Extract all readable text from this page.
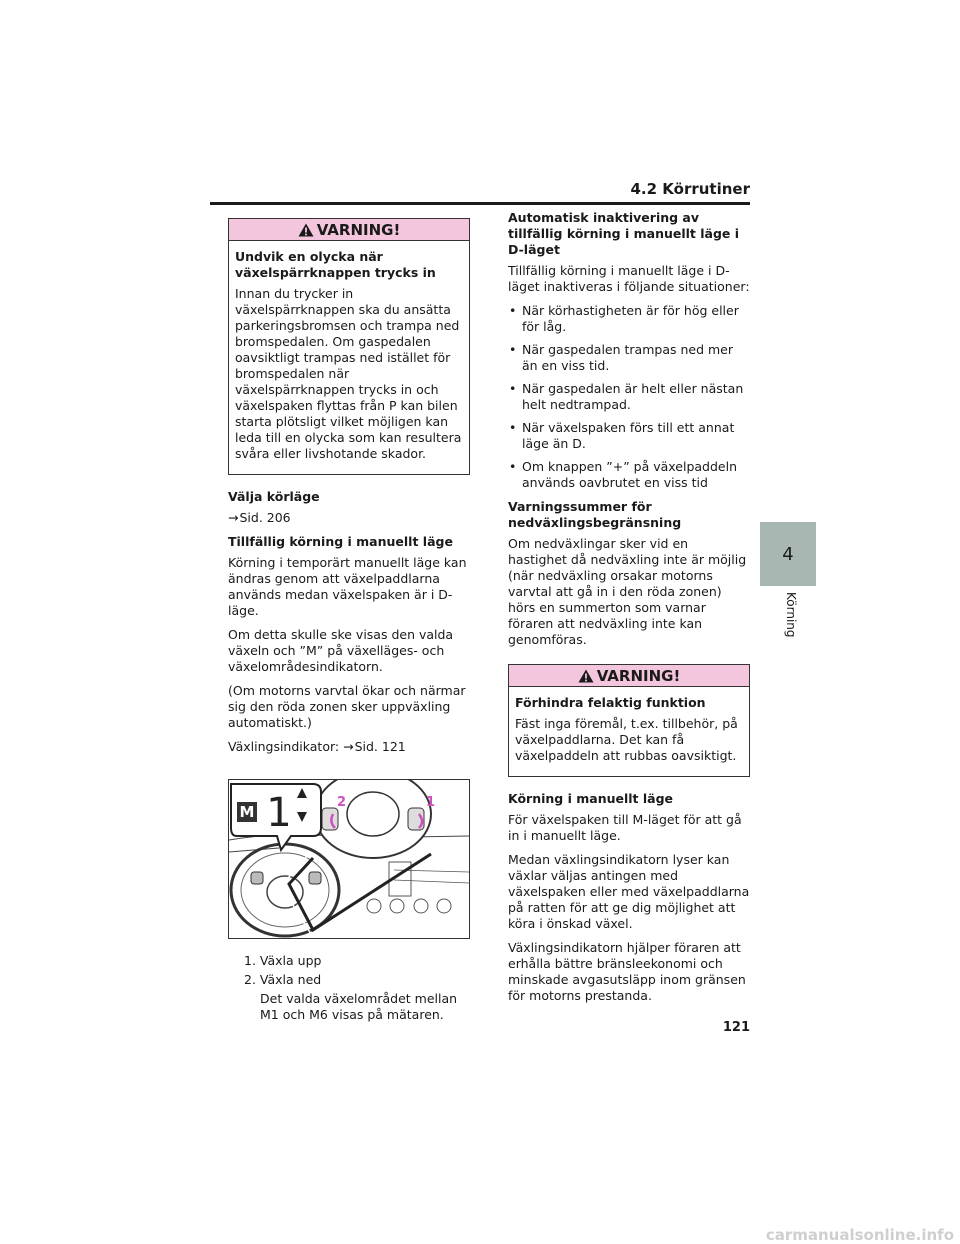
4.2 Körrutiner
4
Körning
VARNING!

Undvik en olycka när växelspärrknappen trycks in

Innan du trycker in växelspärrknappen ska du ansätta parkeringsbromsen och trampa ned bromspedalen. Om gaspedalen oavsiktligt trampas ned istället för bromspedalen när växelspärrknappen trycks in och växelspaken flyttas från P kan bilen starta plötsligt vilket möjligen kan leda till en olycka som kan resultera svåra eller livshotande skador.

Välja körläge

→Sid. 206

Tillfällig körning i manuellt läge

Körning i temporärt manuellt läge kan ändras genom att växelpaddlarna används medan växelspaken är i D-läge.

Om detta skulle ske visas den valda växeln och ”M” på växelläges- och växelområdesindikatorn.

(Om motorns varvtal ökar och närmar sig den röda zonen sker uppväxling automatiskt.)

Växlingsindikator: →Sid. 121

M 1	2	1
1. Växla upp
2. Växla ned
Det valda växelområdet mellan M1 och M6 visas på mätaren.

Automatisk inaktivering av tillfällig körning i manuellt läge i D-läget

Tillfällig körning i manuellt läge i D-läget inaktiveras i följande situationer:

• När körhastigheten är för hög eller för låg.
• När gaspedalen trampas ned mer än en viss tid.
• När gaspedalen är helt eller nästan helt nedtrampad.
• När växelspaken förs till ett annat läge än D.
• Om knappen ”+” på växelpaddeln används oavbrutet en viss tid

Varningssummer för nedväxlingsbegränsning

Om nedväxlingar sker vid en hastighet då nedväxling inte är möjlig (när nedväxling orsakar motorns varvtal att gå in i den röda zonen) hörs en summerton som varnar föraren att nedväxling inte kan genomföras.

VARNING!

Förhindra felaktig funktion

Fäst inga föremål, t.ex. tillbehör, på växelpaddlarna. Det kan få växelpaddeln att rubbas oavsiktigt.

Körning i manuellt läge

För växelspaken till M-läget för att gå in i manuellt läge.

Medan växlingsindikatorn lyser kan växlar väljas antingen med växelspaken eller med växelpaddlarna på ratten för att ge dig möjlighet att köra i önskad växel.

Växlingsindikatorn hjälper föraren att erhålla bättre bränsleekonomi och minskade avgasutsläpp inom gränsen för motorns prestanda.

121
carmanualsonline.info
